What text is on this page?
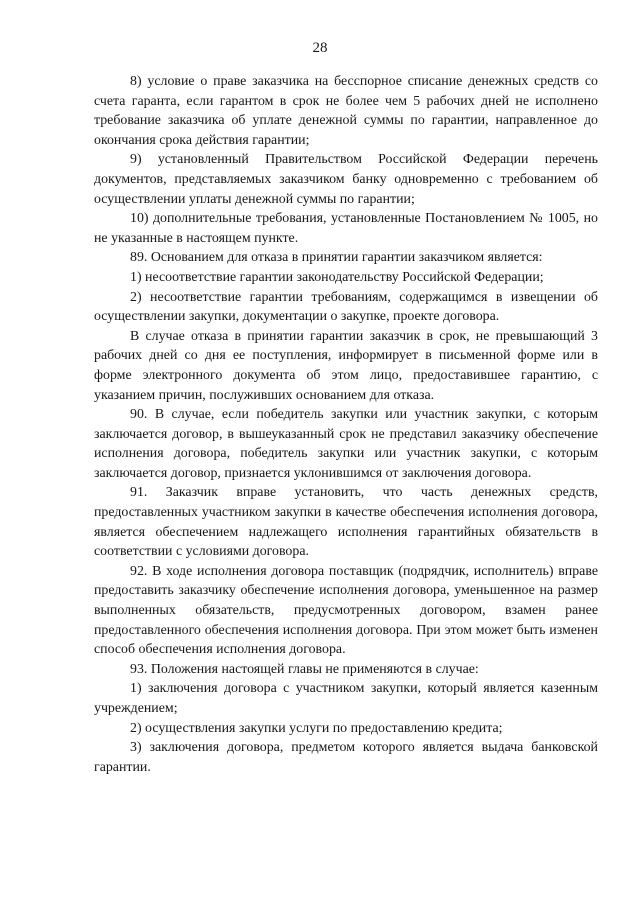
28

8) условие о праве заказчика на бесспорное списание денежных средств со счета гаранта, если гарантом в срок не более чем 5 рабочих дней не исполнено требование заказчика об уплате денежной суммы по гарантии, направленное до окончания срока действия гарантии;

9) установленный Правительством Российской Федерации перечень документов, представляемых заказчиком банку одновременно с требованием об осуществлении уплаты денежной суммы по гарантии;

10) дополнительные требования, установленные Постановлением № 1005, но не указанные в настоящем пункте.

89. Основанием для отказа в принятии гарантии заказчиком является:

1) несоответствие гарантии законодательству Российской Федерации;

2) несоответствие гарантии требованиям, содержащимся в извещении об осуществлении закупки, документации о закупке, проекте договора.

В случае отказа в принятии гарантии заказчик в срок, не превышающий 3 рабочих дней со дня ее поступления, информирует в письменной форме или в форме электронного документа об этом лицо, предоставившее гарантию, с указанием причин, послуживших основанием для отказа.

90. В случае, если победитель закупки или участник закупки, с которым заключается договор, в вышеуказанный срок не представил заказчику обеспечение исполнения договора, победитель закупки или участник закупки, с которым заключается договор, признается уклонившимся от заключения договора.

91. Заказчик вправе установить, что часть денежных средств, предоставленных участником закупки в качестве обеспечения исполнения договора, является обеспечением надлежащего исполнения гарантийных обязательств в соответствии с условиями договора.

92. В ходе исполнения договора поставщик (подрядчик, исполнитель) вправе предоставить заказчику обеспечение исполнения договора, уменьшенное на размер выполненных обязательств, предусмотренных договором, взамен ранее предоставленного обеспечения исполнения договора. При этом может быть изменен способ обеспечения исполнения договора.

93. Положения настоящей главы не применяются в случае:

1) заключения договора с участником закупки, который является казенным учреждением;

2) осуществления закупки услуги по предоставлению кредита;

3) заключения договора, предметом которого является выдача банковской гарантии.
